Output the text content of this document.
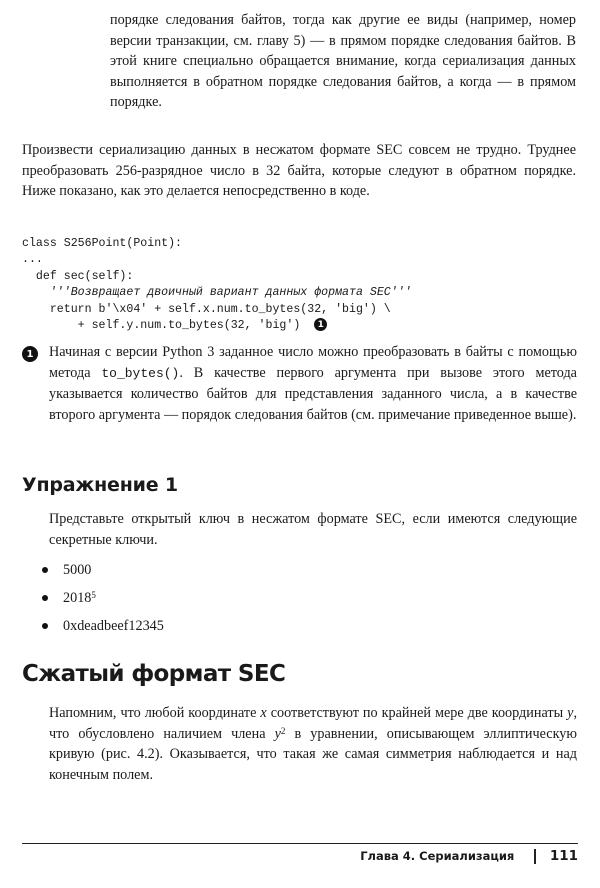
порядке следования байтов, тогда как другие ее виды (например, номер версии транзакции, см. главу 5) — в прямом порядке следования байтов. В этой книге специально обращается внимание, когда сериализация данных выполняется в обратном порядке следования байтов, а когда — в прямом порядке.

Произвести сериализацию данных в несжатом формате SEC совсем не трудно. Труднее преобразовать 256-разрядное число в 32 байта, которые следуют в обратном порядке. Ниже показано, как это делается непосредственно в коде.

class S256Point(Point):
...
def sec(self):
'''Возвращает двоичный вариант данных формата SEC'''
return b'\x04' + self.x.num.to_bytes(32, 'big') \
+ self.y.num.to_bytes(32, 'big') 1
1	Начиная с версии Python 3 заданное число можно преобразовать в байты с помощью метода to_bytes(). В качестве первого аргумента при вызове этого метода указывается количество байтов для представления заданного числа, а в качестве второго аргумента — порядок следования байтов (см. примечание приведенное выше).

Упражнение 1

Представьте открытый ключ в несжатом формате SEC, если имеются следующие секретные ключи.

5000
2018$^5$
0xdeadbeef12345
Сжатый формат SEC

Напомним, что любой координате x соответствуют по крайней мере две координаты y, что обусловлено наличием члена $y^2$ в уравнении, описывающем эллиптическую кривую (рис. 4.2). Оказывается, что такая же самая симметрия наблюдается и над конечным полем.

Глава 4. Сериализация	111
